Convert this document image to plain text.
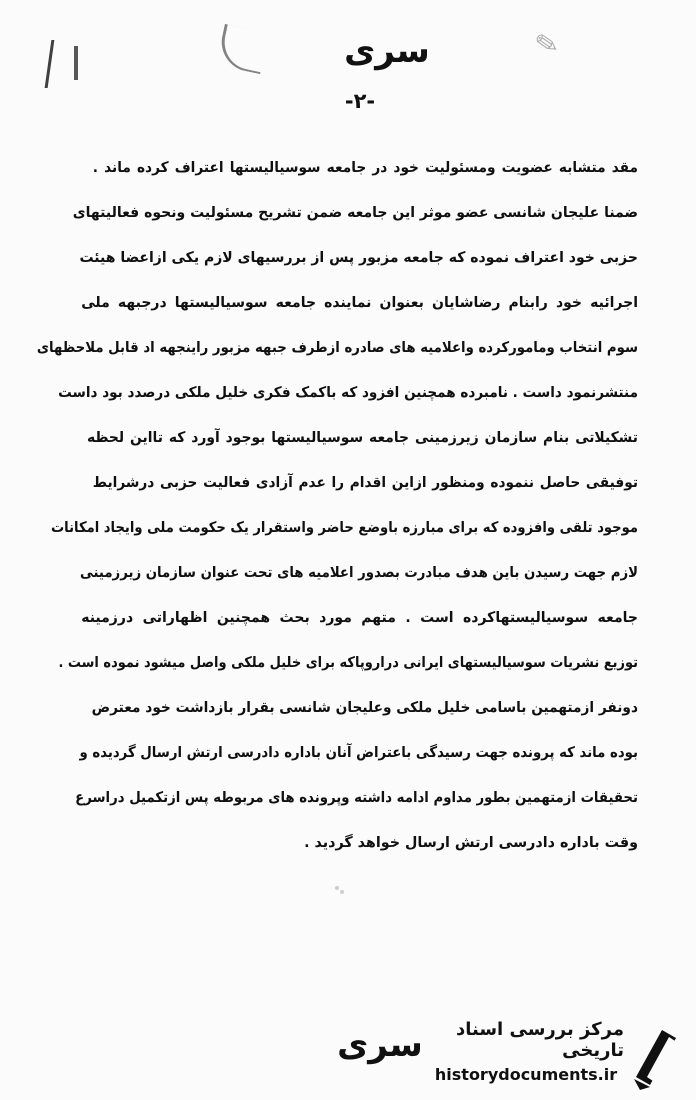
✎
سری
-۲-
مقد متشابه عضویت ومسئولیت خود در جامعه سوسیالیستها اعتراف کرده ماند .
ضمنا علیجان شانسی عضو موثر این جامعه ضمن تشریح مسئولیت ونحوه فعالیتهای
حزبی خود اعتراف نموده که جامعه مزبور پس از بررسیهای لازم یکی ازاعضا هیئت
اجرائیه خود رابنام رضاشایان بعنوان نماینده جامعه سوسیالیستها درجبهه ملی
سوم انتخاب ومامورکرده واعلامیه های صادره ازطرف جبهه مزبور راینجهه اد قابل ملاحظهای
منتشرنمود داست . نامبرده همچنین افزود که باکمک فکری خلیل ملکی درصدد بود داست
تشکیلاتی بنام سازمان زیرزمینی جامعه سوسیالیستها بوجود آورد که تااین لحظه
توفیقی حاصل ننموده ومنظور ازاین اقدام را عدم آزادی فعالیت حزبی درشرایط
موجود تلقی وافزوده که برای مبارزه باوضع حاضر واستقرار یک حکومت ملی وایجاد امکانات
لازم جهت رسیدن باین هدف مبادرت بصدور اعلامیه های تحت عنوان سازمان زیرزمینی
جامعه سوسیالیستهاکرده است . متهم مورد بحث همچنین اظهاراتی درزمینه
توزیع نشریات سوسیالیستهای ایرانی دراروپاکه برای خلیل ملکی واصل میشود نموده است .
دونفر ازمتهمین باسامی خلیل ملکی وعلیجان شانسی بقرار بازداشت خود معترض
بوده ماند که پرونده جهت رسیدگی باعتراض آنان باداره دادرسی ارتش ارسال گردیده و
تحقیقات ازمتهمین بطور مداوم ادامه داشته وپرونده های مربوطه پس ازتکمیل دراسرع
وقت باداره دادرسی ارتش ارسال خواهد گردید .
سری	مرکز بررسی اسناد تاریخی
historydocuments.ir
